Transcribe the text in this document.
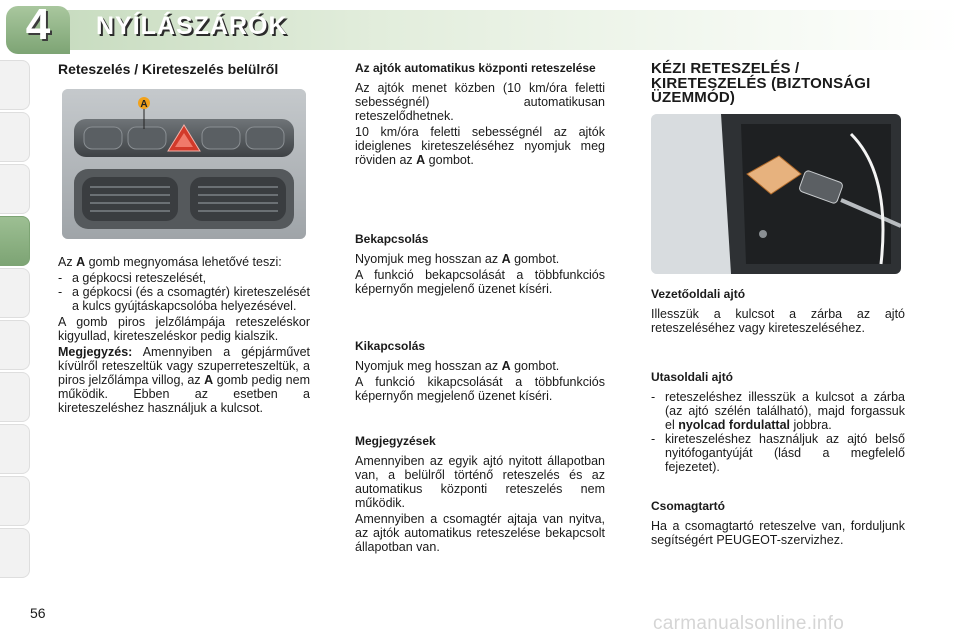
4	NYÍLÁSZÁRÓK
Reteszelés / Kireteszelés belülről
A

Az A gomb megnyomása lehetővé teszi:

- a gépkocsi reteszelését,
- a gépkocsi (és a csomagtér) kireteszelését a kulcs gyújtáskapcsolóba helyezésével.

A gomb piros jelzőlámpája reteszeléskor kigyullad, kireteszeléskor pedig kialszik.

Megjegyzés: Amennyiben a gépjárművet kívülről reteszeltük vagy szuperreteszeltük, a piros jelzőlámpa villog, az A gomb pedig nem működik. Ebben az esetben a kireteszeléshez használjuk a kulcsot.

Az ajtók automatikus központi reteszelése

Az ajtók menet közben (10 km/óra feletti sebességnél) automatikusan reteszelődhetnek.

10 km/óra feletti sebességnél az ajtók ideiglenes kireteszeléséhez nyomjuk meg röviden az A gombot.

Bekapcsolás

Nyomjuk meg hosszan az A gombot.

A funkció bekapcsolását a többfunkciós képernyőn megjelenő üzenet kíséri.

Kikapcsolás

Nyomjuk meg hosszan az A gombot.

A funkció kikapcsolását a többfunkciós képernyőn megjelenő üzenet kíséri.

Megjegyzések

Amennyiben az egyik ajtó nyitott állapotban van, a belülről történő reteszelés és az automatikus központi reteszelés nem működik.

Amennyiben a csomagtér ajtaja van nyitva, az ajtók automatikus reteszelése bekapcsolt állapotban van.

KÉZI RETESZELÉS / KIRETESZELÉS (BIZTONSÁGI ÜZEMMÓD)
Vezetőoldali ajtó

Illesszük a kulcsot a zárba az ajtó reteszeléséhez vagy kireteszeléséhez.

Utasoldali ajtó
- reteszeléshez illesszük a kulcsot a zárba (az ajtó szélén található), majd forgassuk el nyolcad fordulattal jobbra.
- kireteszeléshez használjuk az ajtó belső nyitófogantyúját (lásd a megfelelő fejezetet).
Csomagtartó

Ha a csomagtartó reteszelve van, forduljunk segítségért PEUGEOT-szervizhez.

56	carmanualsonline.info
